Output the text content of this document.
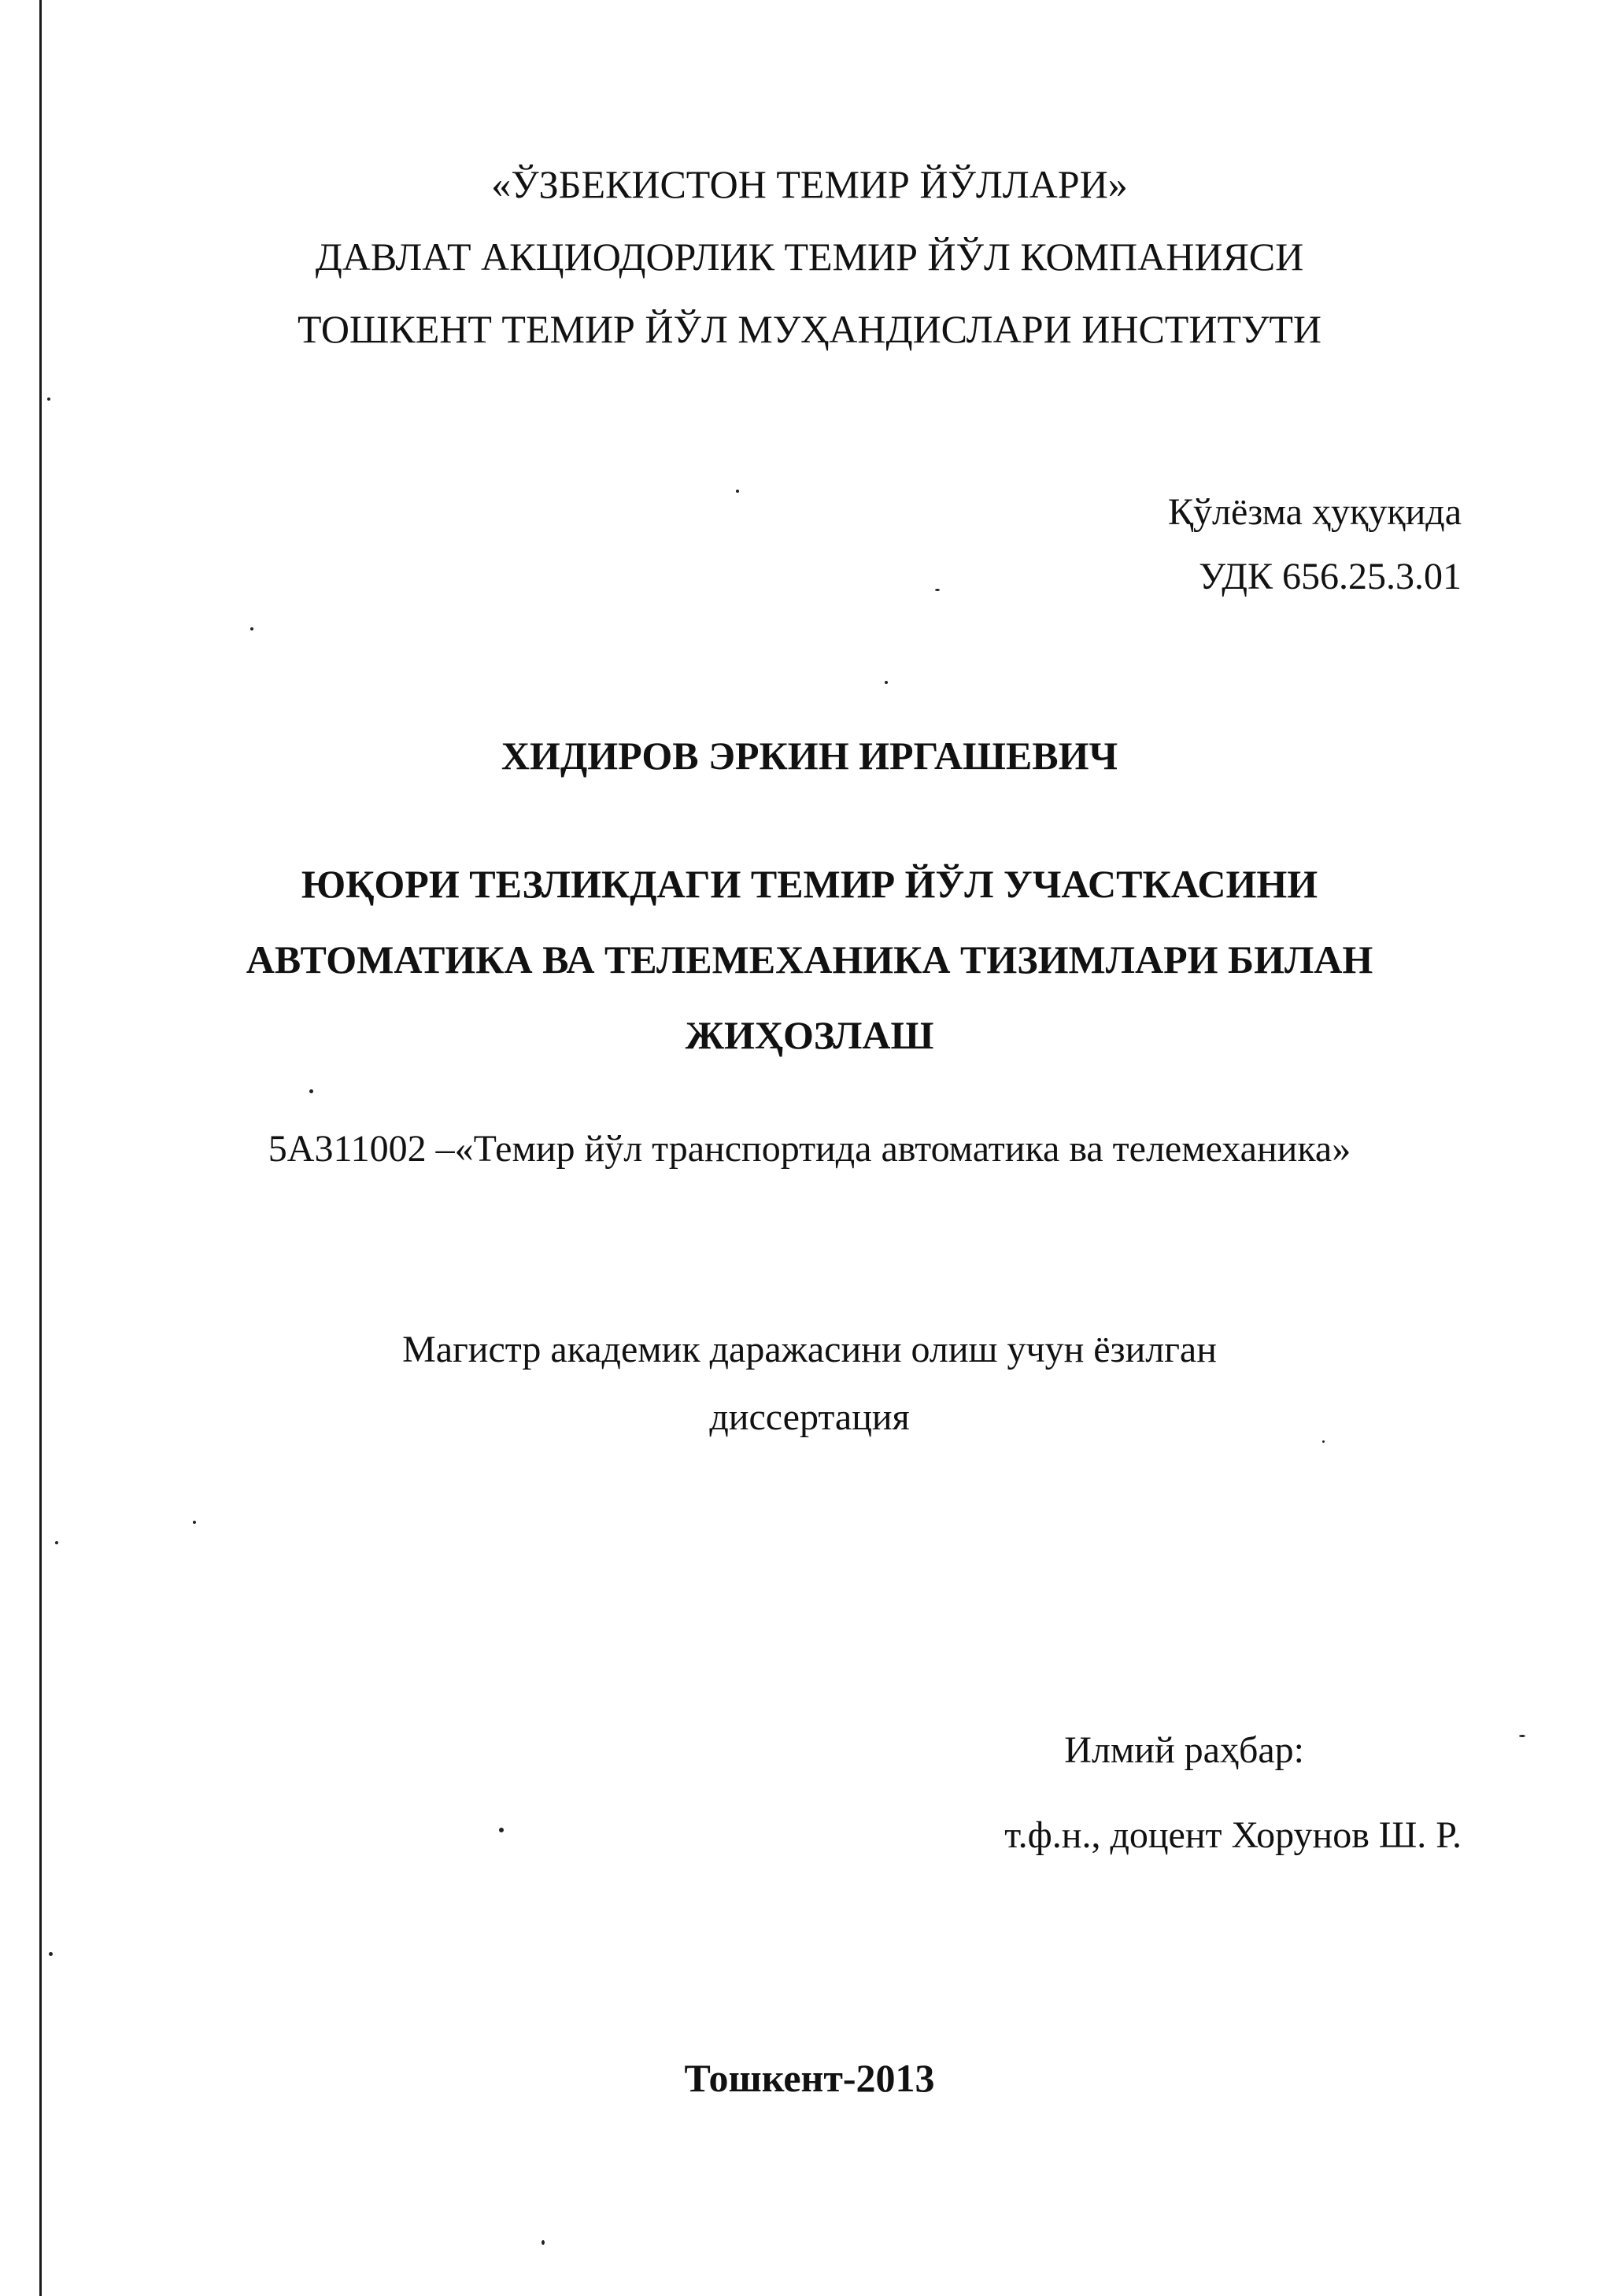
«ЎЗБЕКИСТОН ТЕМИР ЙЎЛЛАРИ»
ДАВЛАТ АКЦИОДОРЛИК ТЕМИР ЙЎЛ КОМПАНИЯСИ
ТОШКЕНТ ТЕМИР ЙЎЛ МУҲАНДИСЛАРИ ИНСТИТУТИ
Қўлёзма ҳуқуқида
УДК 656.25.3.01
ХИДИРОВ ЭРКИН ИРГАШЕВИЧ
ЮҚОРИ ТЕЗЛИКДАГИ ТЕМИР ЙЎЛ УЧАСТКАСИНИ
АВТОМАТИКА ВА ТЕЛЕМЕХАНИКА ТИЗИМЛАРИ БИЛАН
ЖИҲОЗЛАШ
5А311002 –«Темир йўл транспортида автоматика ва телемеханика»
Магистр академик даражасини олиш учун ёзилган
диссертация
Илмий раҳбар:
т.ф.н., доцент Хорунов Ш. Р.
Тошкент-2013
